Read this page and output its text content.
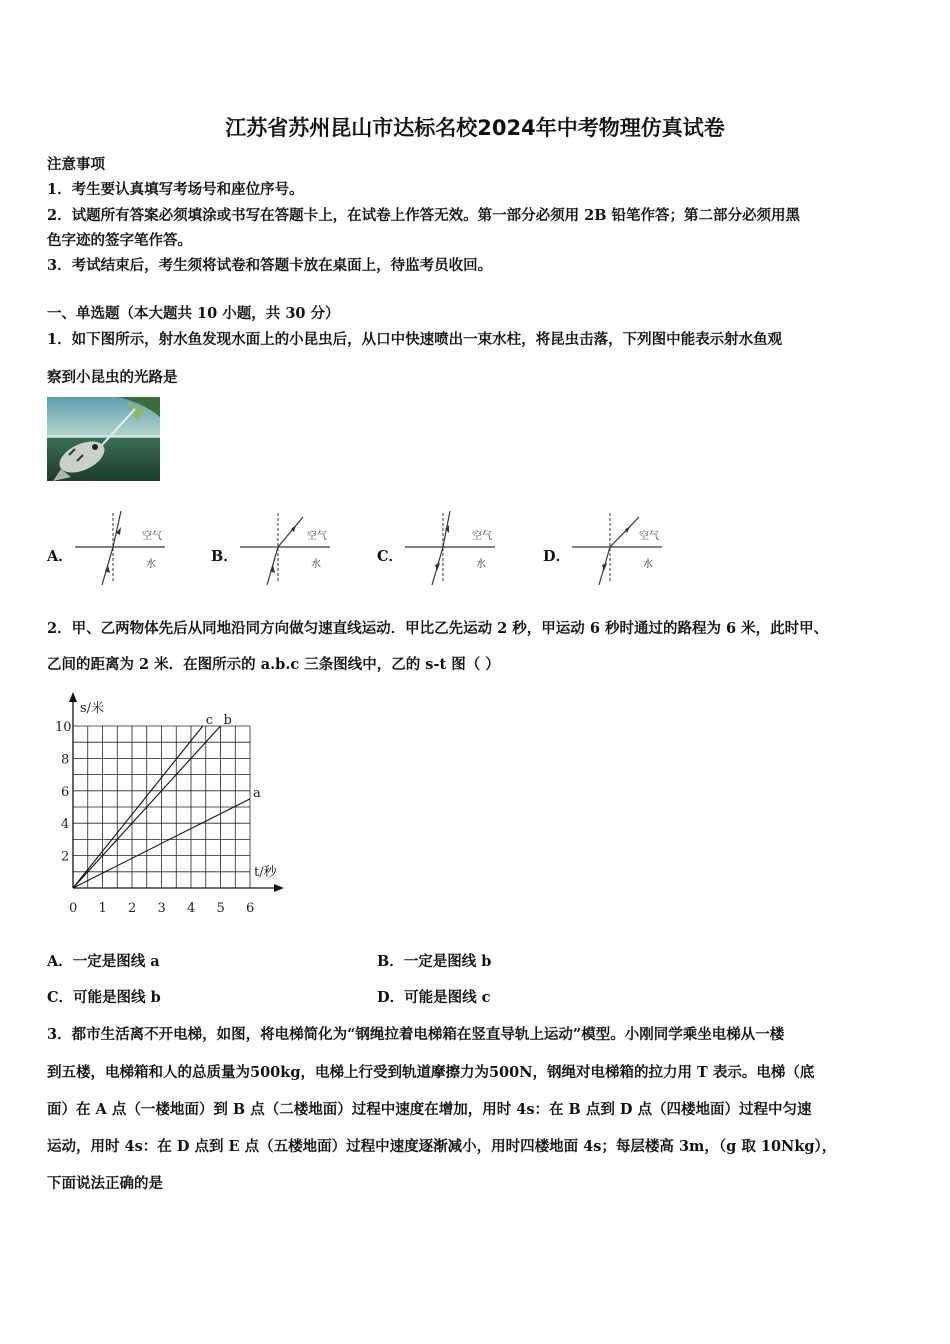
江苏省苏州昆山市达标名校2024年中考物理仿真试卷
注意事项
1．考生要认真填写考场号和座位序号。
2．试题所有答案必须填涂或书写在答题卡上，在试卷上作答无效。第一部分必须用 2B 铅笔作答；第二部分必须用黑
色字迹的签字笔作答。
3．考试结束后，考生须将试卷和答题卡放在桌面上，待监考员收回。
一、单选题（本大题共 10 小题，共 30 分）
1．如下图所示，射水鱼发现水面上的小昆虫后，从口中快速喷出一束水柱，将昆虫击落，下列图中能表示射水鱼观
察到小昆虫的光路是
A．	B．	C．	D．
空气
水
空气
水
空气
水
空气
水
2．甲、乙两物体先后从同地沿同方向做匀速直线运动．甲比乙先运动 2 秒，甲运动 6 秒时通过的路程为 6 米，此时甲、
乙间的距离为 2 米．在图所示的 a.b.c 三条图线中，乙的 s-t 图（ ）
0 1 2 3 4 5 6
2
4
6
8
10
s/米
t/秒
a
b
c
A．一定是图线 a	B．一定是图线 b
C．可能是图线 b	D．可能是图线 c
3．都市生活离不开电梯，如图，将电梯简化为“钢绳拉着电梯箱在竖直导轨上运动”模型。小刚同学乘坐电梯从一楼
到五楼，电梯箱和人的总质量为500kg，电梯上行受到轨道摩擦力为500N，钢绳对电梯箱的拉力用 T 表示。电梯（底
面）在 A 点（一楼地面）到 B 点（二楼地面）过程中速度在增加，用时 4s：在 B 点到 D 点（四楼地面）过程中匀速
运动，用时 4s：在 D 点到 E 点（五楼地面）过程中速度逐渐减小，用时四楼地面 4s；每层楼高 3m，（g 取 10Nkg），
下面说法正确的是
